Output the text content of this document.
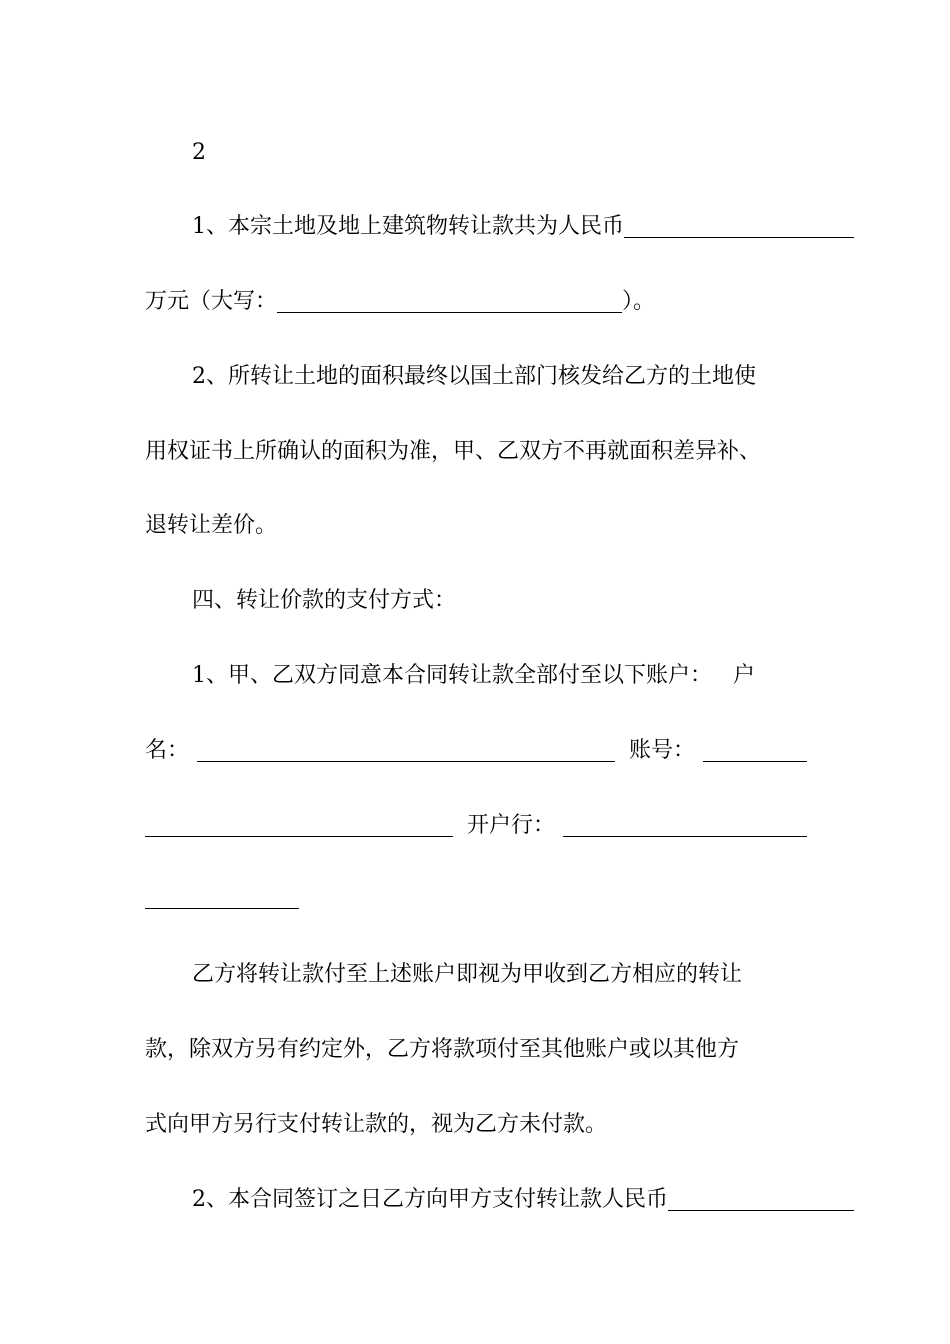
2
1、本宗土地及地上建筑物转让款共为人民币
万元（大写：	）。
2、所转让土地的面积最终以国土部门核发给乙方的土地使
用权证书上所确认的面积为准，甲、乙双方不再就面积差异补、
退转让差价。
四、转让价款的支付方式：
1、甲、乙双方同意本合同转让款全部付至以下账户：   户
名：	账号：
开户行：
乙方将转让款付至上述账户即视为甲收到乙方相应的转让
款，除双方另有约定外，乙方将款项付至其他账户或以其他方
式向甲方另行支付转让款的，视为乙方未付款。
2、本合同签订之日乙方向甲方支付转让款人民币
